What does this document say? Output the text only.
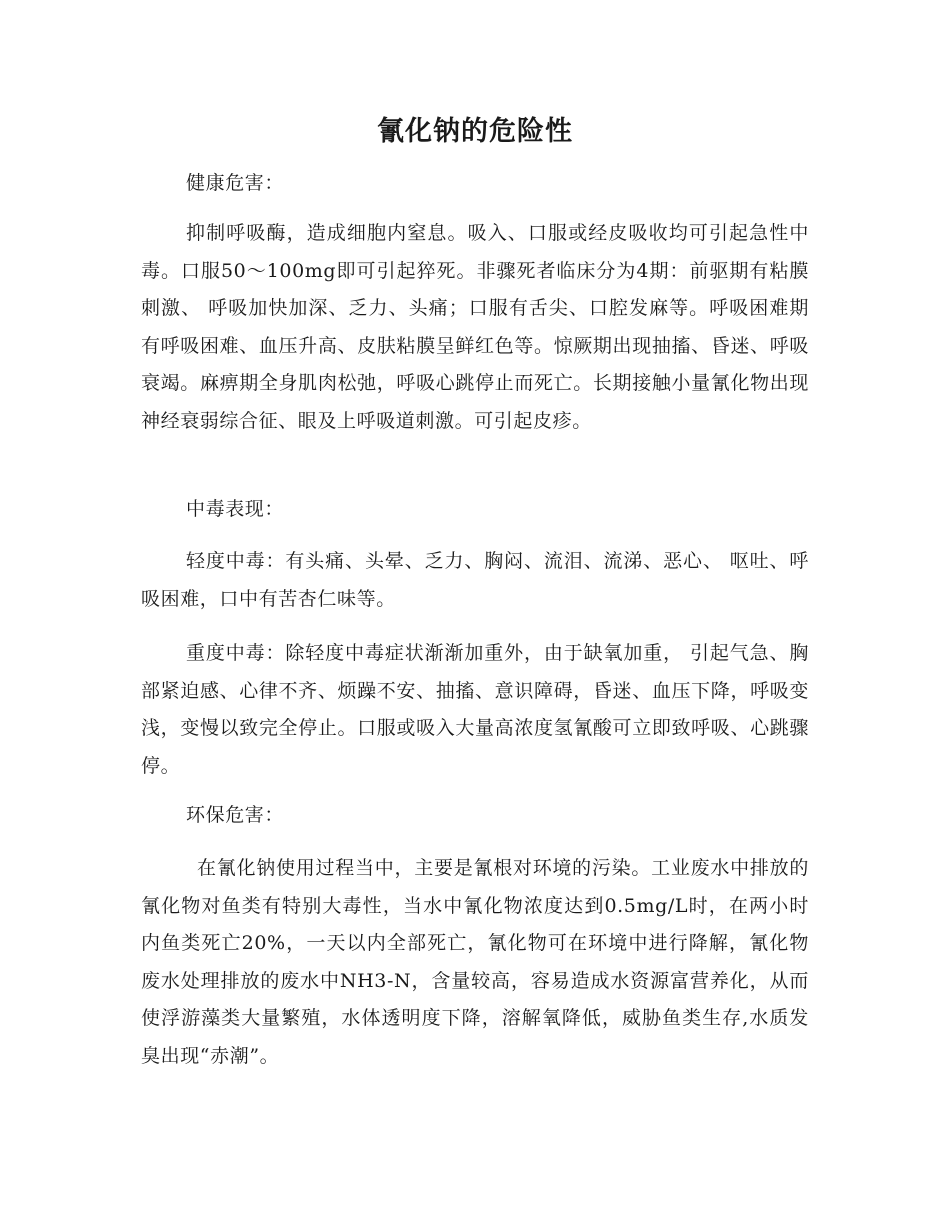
氰化钠的危险性

健康危害：

抑制呼吸酶，造成细胞内窒息。吸入、口服或经皮吸收均可引起急性中毒。口服50～100mg即可引起猝死。非骤死者临床分为4期：前驱期有粘膜刺激、 呼吸加快加深、乏力、头痛；口服有舌尖、口腔发麻等。呼吸困难期有呼吸困难、血压升高、皮肤粘膜呈鲜红色等。惊厥期出现抽搐、昏迷、呼吸衰竭。麻痹期全身肌肉松弛，呼吸心跳停止而死亡。长期接触小量氰化物出现神经衰弱综合征、眼及上呼吸道刺激。可引起皮疹。

中毒表现：

轻度中毒：有头痛、头晕、乏力、胸闷、流泪、流涕、恶心、 呕吐、呼吸困难，口中有苦杏仁味等。

重度中毒：除轻度中毒症状渐渐加重外，由于缺氧加重， 引起气急、胸部紧迫感、心律不齐、烦躁不安、抽搐、意识障碍，昏迷、血压下降，呼吸变浅，变慢以致完全停止。口服或吸入大量高浓度氢氰酸可立即致呼吸、心跳骤停。

环保危害：

在氰化钠使用过程当中，主要是氰根对环境的污染。工业废水中排放的氰化物对鱼类有特别大毒性，当水中氰化物浓度达到0.5mg/L时，在两小时内鱼类死亡20%，一天以内全部死亡，氰化物可在环境中进行降解，氰化物废水处理排放的废水中NH3-N，含量较高，容易造成水资源富营养化，从而使浮游藻类大量繁殖，水体透明度下降，溶解氧降低，威胁鱼类生存,水质发臭出现“赤潮”。
